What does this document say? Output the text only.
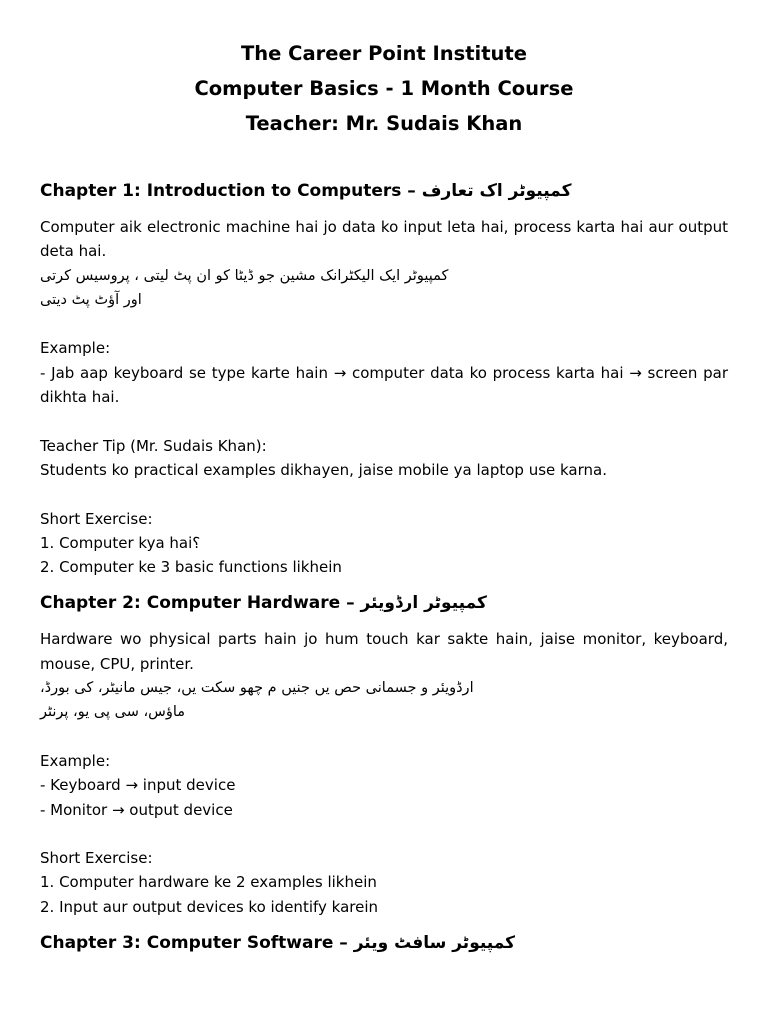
The Career Point Institute
Computer Basics - 1 Month Course
Teacher: Mr. Sudais Khan
Chapter 1: Introduction to Computers – کمپیوٹر اک تعارف
Computer aik electronic machine hai jo data ko input leta hai, process karta hai aur output deta hai.
کمپیوٹر ایک الیکٹرانک مشین جو ڈیٹا کو ان پٹ لیتی ، پروسیس کرتی
اور آؤٹ پٹ دیتی
Example:
- Jab aap keyboard se type karte hain → computer data ko process karta hai → screen par dikhta hai.
Teacher Tip (Mr. Sudais Khan):
Students ko practical examples dikhayen, jaise mobile ya laptop use karna.
Short Exercise:
1. Computer kya hai؟
2. Computer ke 3 basic functions likhein
Chapter 2: Computer Hardware – کمپیوٹر ارڈویئر
Hardware wo physical parts hain jo hum touch kar sakte hain, jaise monitor, keyboard, mouse, CPU, printer.
ارڈویئر و جسمانی حص یں جنیں م چھو سکت یں، جیس مانیٹر، کی بورڈ،
ماؤس، سی پی یو، پرنٹر
Example:
- Keyboard → input device
- Monitor → output device
Short Exercise:
1. Computer hardware ke 2 examples likhein
2. Input aur output devices ko identify karein
Chapter 3: Computer Software – کمپیوٹر سافٹ ویئر
